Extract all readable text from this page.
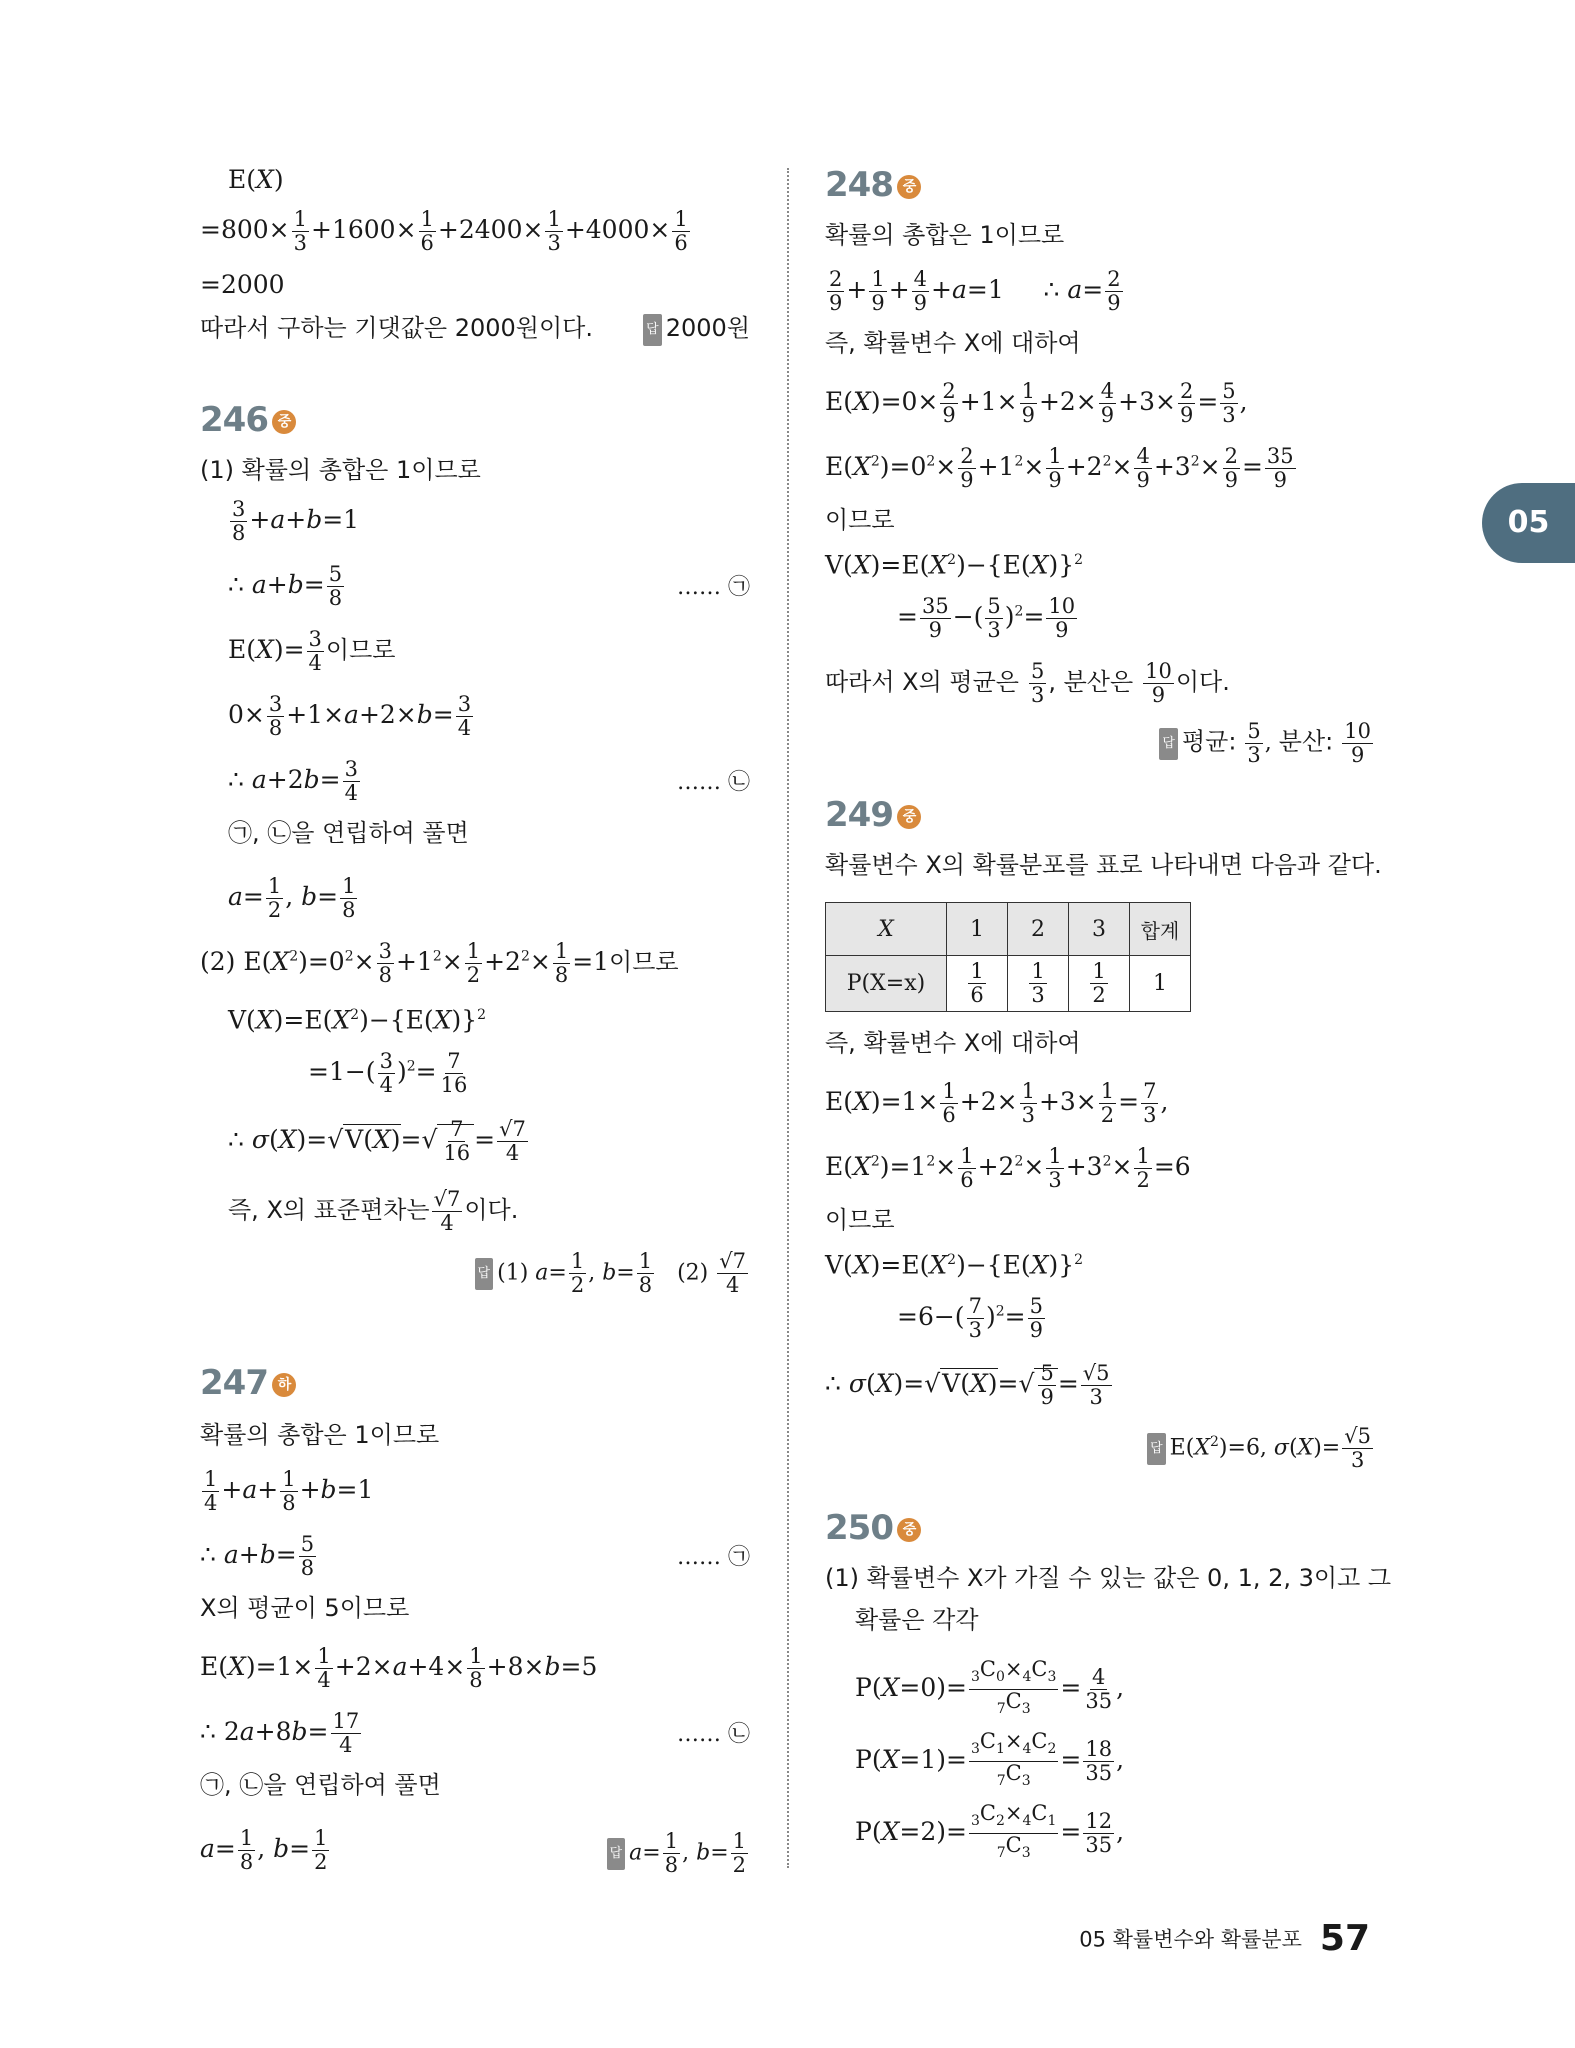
05
E(X)
$=800\times \frac{1}{3} +1600\times \frac{1}{6} +2400\times \frac{1}{3} +4000\times \frac{1}{6}$
=2000
따라서 구하는 기댓값은 2000원이다.	답 2000원
246 중
(1) 확률의 총합은 1이므로
$\frac{3}{8} +a+b=1$
∴ $a+b= \frac{5}{8}$	…… ㉠
$E(X)= \frac{3}{4}$ 이므로
$0\times \frac{3}{8} +1\times a+2\times b= \frac{3}{4}$
∴ $a+2b= \frac{3}{4}$	…… ㉡
㉠, ㉡을 연립하여 풀면
$a= \frac{1}{2}$ , $b= \frac{1}{8}$
(2) $E(X^2)=0^2\times \frac{3}{8} +1^2\times \frac{1}{2} +2^2\times \frac{1}{8} =1$이므로
$V(X)=E(X^2)-\{E(X)\}^2$
$=1-( \frac{3}{4} )^2= \frac{7}{16}$
∴ $\sigma(X)=√V(X)=√ \frac{7}{16} = \frac{√7}{4}$
즉, X의 표준편차는 $\frac{√7}{4}$ 이다.
답 (1) $a= \frac{1}{2}$ , $b= \frac{1}{8} (2) \frac{√7}{4}$
247 하
확률의 총합은 1이므로
$\frac{1}{4} +a+ \frac{1}{8} +b=1$
∴ $a+b= \frac{5}{8}$	…… ㉠
X의 평균이 5이므로
$E(X)=1\times \frac{1}{4} +2\times a+4\times \frac{1}{8} +8\times b=5$
∴ $2a+8b= \frac{17}{4}$	…… ㉡
㉠, ㉡을 연립하여 풀면
$a= \frac{1}{8}$ , $b= \frac{1}{2}$	답 $a= \frac{1}{8}$ , $b= \frac{1}{2}$
248 중
확률의 총합은 1이므로
$\frac{2}{9} + \frac{1}{9} + \frac{4}{9} +a=1$     ∴ $a= \frac{2}{9}$
즉, 확률변수 X에 대하여
$E(X)=0\times \frac{2}{9} +1\times \frac{1}{9} +2\times \frac{4}{9} +3\times \frac{2}{9} = \frac{5}{3}$ ,
$E(X^2)=0^2\times \frac{2}{9} +1^2\times \frac{1}{9} +2^2\times \frac{4}{9} +3^2\times \frac{2}{9} = \frac{35}{9}$
이므로
$V(X)=E(X^2)-\{E(X)\}^2$
= $\frac{35}{9}$ −( $\frac{5}{3} )^2= \frac{10}{9}$
따라서 X의 평균은 $\frac{5}{3}$ , 분산은 $\frac{10}{9}$ 이다.
답 평균: $\frac{5}{3}$ , 분산: $\frac{10}{9}$
249 중
확률변수 X의 확률분포를 표로 나타내면 다음과 같다.
X	1	2	3	합계
P(X=x)	$\frac{1}{6}$	$\frac{1}{3}$	$\frac{1}{2}$	1
즉, 확률변수 X에 대하여
$E(X)=1\times \frac{1}{6} +2\times \frac{1}{3} +3\times \frac{1}{2} = \frac{7}{3}$ ,
$E(X^2)=1^2\times \frac{1}{6} +2^2\times \frac{1}{3} +3^2\times \frac{1}{2} =6$
이므로
$V(X)=E(X^2)-\{E(X)\}^2$
$=6-( \frac{7}{3} )^2= \frac{5}{9}$
∴ $\sigma(X)=√V(X)=√ \frac{5}{9} = \frac{√5}{3}$
답 $E(X^2)=6$, $\sigma(X)= \frac{√5}{3}$
250 중
(1) 확률변수 X가 가질 수 있는 값은 0, 1, 2, 3이고 그
확률은 각각
$P(X=0)= \frac{_3C_0\times_4C_3}{_7C_3} = \frac{4}{35}$ ,
$P(X=1)= \frac{_3C_1\times_4C_2}{_7C_3} = \frac{18}{35}$ ,
$P(X=2)= \frac{_3C_2\times_4C_1}{_7C_3} = \frac{12}{35}$ ,
05 확률변수와 확률분포 57
